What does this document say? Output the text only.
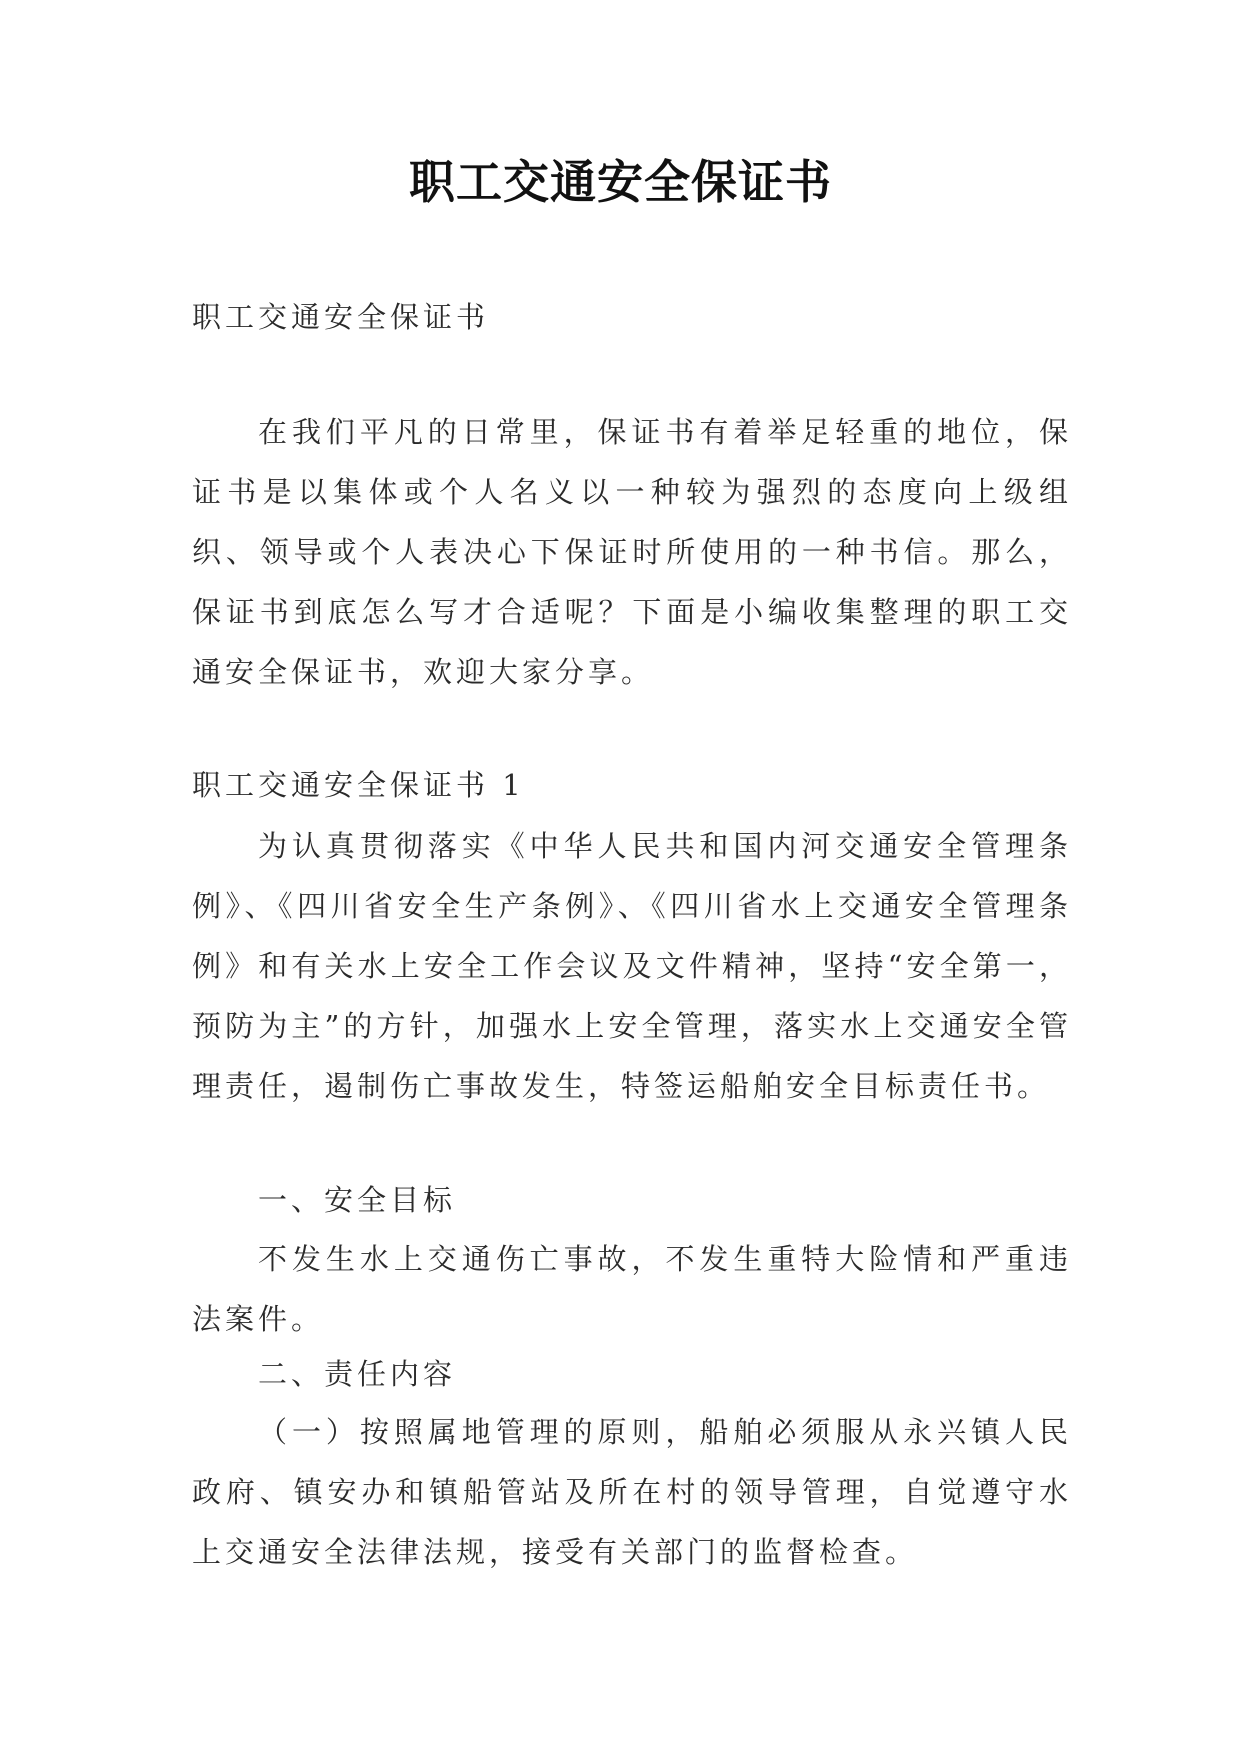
职工交通安全保证书

职工交通安全保证书

在我们平凡的日常里，保证书有着举足轻重的地位，保证书是以集体或个人名义以一种较为强烈的态度向上级组织、领导或个人表决心下保证时所使用的一种书信。那么，保证书到底怎么写才合适呢？下面是小编收集整理的职工交通安全保证书，欢迎大家分享。

职工交通安全保证书 1

为认真贯彻落实《中华人民共和国内河交通安全管理条例》、《四川省安全生产条例》、《四川省水上交通安全管理条例》和有关水上安全工作会议及文件精神，坚持“安全第一，预防为主”的方针，加强水上安全管理，落实水上交通安全管理责任，遏制伤亡事故发生，特签运船舶安全目标责任书。

一、安全目标

不发生水上交通伤亡事故，不发生重特大险情和严重违法案件。

二、责任内容

（一）按照属地管理的原则，船舶必须服从永兴镇人民政府、镇安办和镇船管站及所在村的领导管理，自觉遵守水上交通安全法律法规，接受有关部门的监督检查。
